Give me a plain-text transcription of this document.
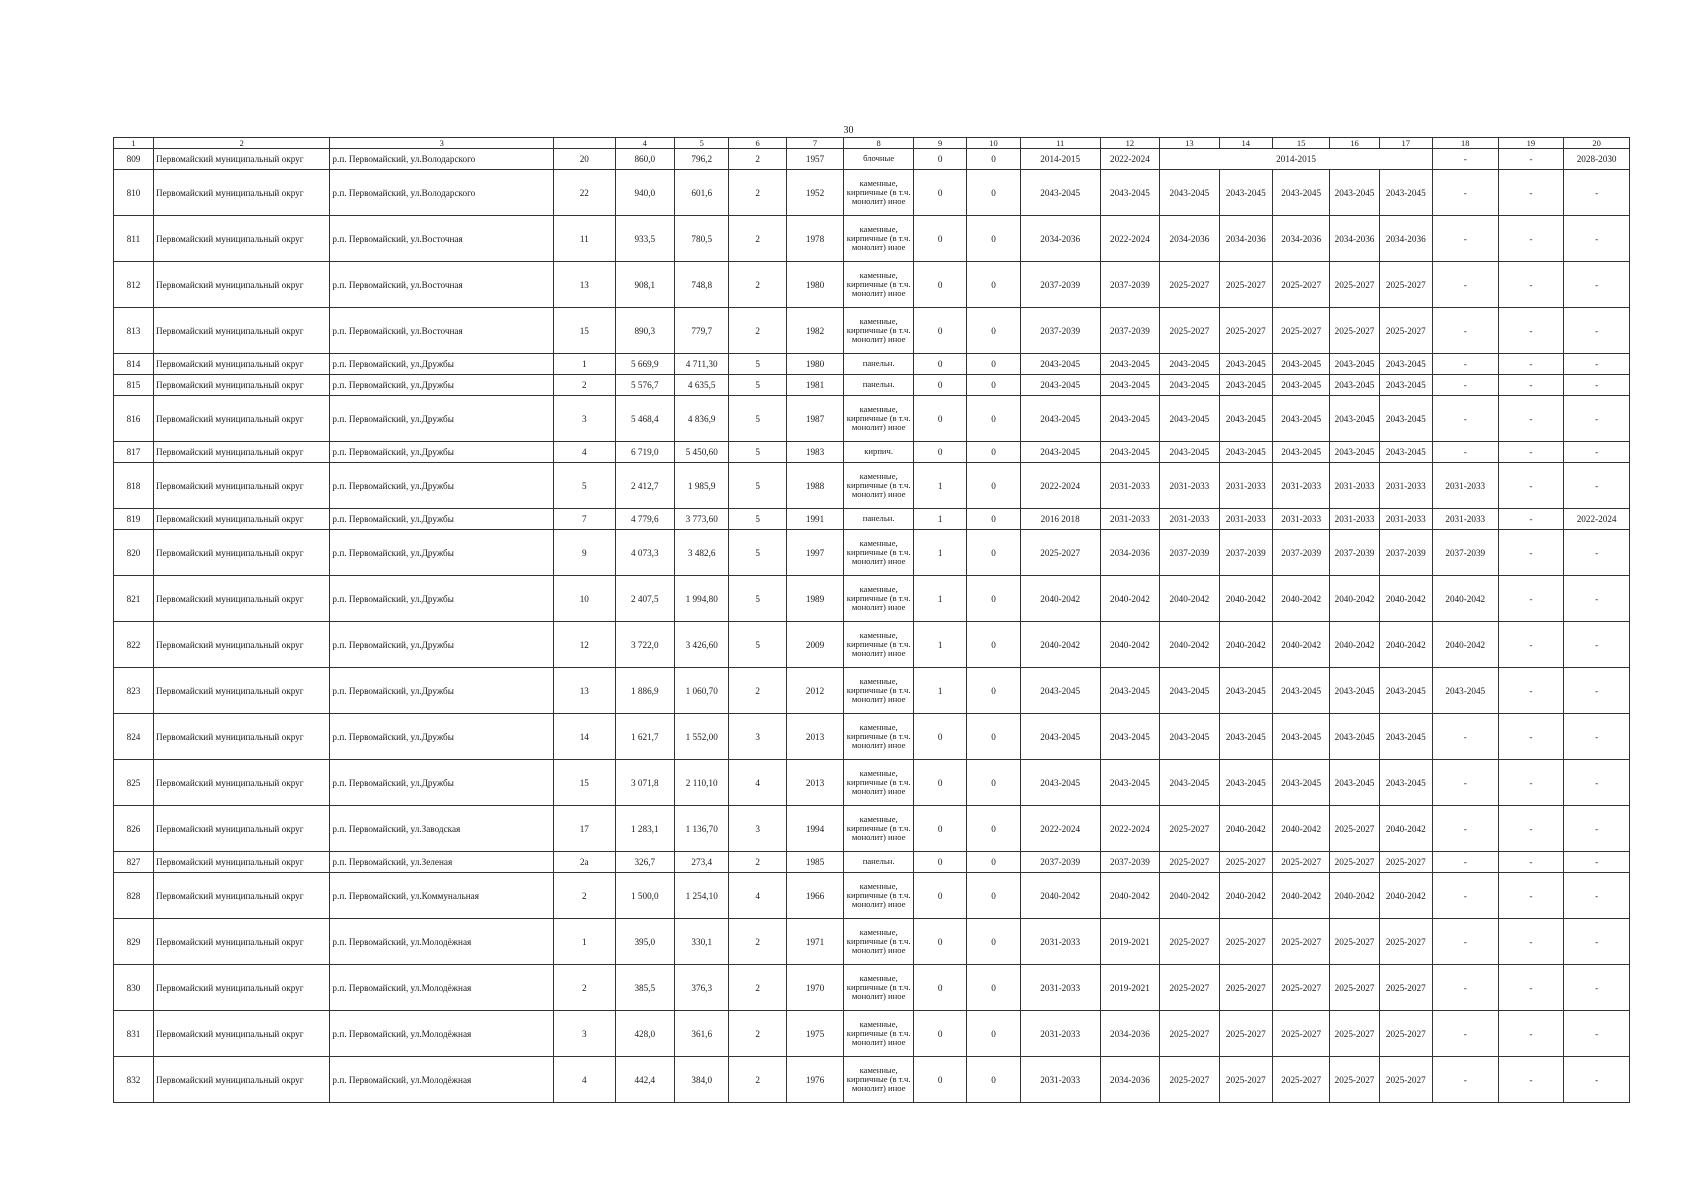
30
1	2	3		4	5	6	7	8	9	10	11	12	13	14	15	16	17	18	19	20
809	Первомайский муниципальный округ	р.п. Первомайский, ул.Володарского	20	860,0	796,2	2	1957	блочные	0	0	2014-2015	2022-2024	2014-2015					-	-	2028-2030
810	Первомайский муниципальный округ	р.п. Первомайский, ул.Володарского	22	940,0	601,6	2	1952	каменные, кирпичные (в т.ч. монолит) иное	0	0	2043-2045	2043-2045	2043-2045	2043-2045	2043-2045	2043-2045	2043-2045	-	-	-
811	Первомайский муниципальный округ	р.п. Первомайский, ул.Восточная	11	933,5	780,5	2	1978	каменные, кирпичные (в т.ч. монолит) иное	0	0	2034-2036	2022-2024	2034-2036	2034-2036	2034-2036	2034-2036	2034-2036	-	-	-
812	Первомайский муниципальный округ	р.п. Первомайский, ул.Восточная	13	908,1	748,8	2	1980	каменные, кирпичные (в т.ч. монолит) иное	0	0	2037-2039	2037-2039	2025-2027	2025-2027	2025-2027	2025-2027	2025-2027	-	-	-
813	Первомайский муниципальный округ	р.п. Первомайский, ул.Восточная	15	890,3	779,7	2	1982	каменные, кирпичные (в т.ч. монолит) иное	0	0	2037-2039	2037-2039	2025-2027	2025-2027	2025-2027	2025-2027	2025-2027	-	-	-
814	Первомайский муниципальный округ	р.п. Первомайский, ул.Дружбы	1	5 669,9	4 711,30	5	1980	панельн.	0	0	2043-2045	2043-2045	2043-2045	2043-2045	2043-2045	2043-2045	2043-2045	-	-	-
815	Первомайский муниципальный округ	р.п. Первомайский, ул.Дружбы	2	5 576,7	4 635,5	5	1981	панельн.	0	0	2043-2045	2043-2045	2043-2045	2043-2045	2043-2045	2043-2045	2043-2045	-	-	-
816	Первомайский муниципальный округ	р.п. Первомайский, ул.Дружбы	3	5 468,4	4 836,9	5	1987	каменные, кирпичные (в т.ч. монолит) иное	0	0	2043-2045	2043-2045	2043-2045	2043-2045	2043-2045	2043-2045	2043-2045	-	-	-
817	Первомайский муниципальный округ	р.п. Первомайский, ул.Дружбы	4	6 719,0	5 450,60	5	1983	кирпич.	0	0	2043-2045	2043-2045	2043-2045	2043-2045	2043-2045	2043-2045	2043-2045	-	-	-
818	Первомайский муниципальный округ	р.п. Первомайский, ул.Дружбы	5	2 412,7	1 985,9	5	1988	каменные, кирпичные (в т.ч. монолит) иное	1	0	2022-2024	2031-2033	2031-2033	2031-2033	2031-2033	2031-2033	2031-2033	2031-2033	-	-
819	Первомайский муниципальный округ	р.п. Первомайский, ул.Дружбы	7	4 779,6	3 773,60	5	1991	панельн.	1	0	2016 2018	2031-2033	2031-2033	2031-2033	2031-2033	2031-2033	2031-2033	2031-2033	-	2022-2024
820	Первомайский муниципальный округ	р.п. Первомайский, ул.Дружбы	9	4 073,3	3 482,6	5	1997	каменные, кирпичные (в т.ч. монолит) иное	1	0	2025-2027	2034-2036	2037-2039	2037-2039	2037-2039	2037-2039	2037-2039	2037-2039	-	-
821	Первомайский муниципальный округ	р.п. Первомайский, ул.Дружбы	10	2 407,5	1 994,80	5	1989	каменные, кирпичные (в т.ч. монолит) иное	1	0	2040-2042	2040-2042	2040-2042	2040-2042	2040-2042	2040-2042	2040-2042	2040-2042	-	-
822	Первомайский муниципальный округ	р.п. Первомайский, ул.Дружбы	12	3 722,0	3 426,60	5	2009	каменные, кирпичные (в т.ч. монолит) иное	1	0	2040-2042	2040-2042	2040-2042	2040-2042	2040-2042	2040-2042	2040-2042	2040-2042	-	-
823	Первомайский муниципальный округ	р.п. Первомайский, ул.Дружбы	13	1 886,9	1 060,70	2	2012	каменные, кирпичные (в т.ч. монолит) иное	1	0	2043-2045	2043-2045	2043-2045	2043-2045	2043-2045	2043-2045	2043-2045	2043-2045	-	-
824	Первомайский муниципальный округ	р.п. Первомайский, ул.Дружбы	14	1 621,7	1 552,00	3	2013	каменные, кирпичные (в т.ч. монолит) иное	0	0	2043-2045	2043-2045	2043-2045	2043-2045	2043-2045	2043-2045	2043-2045	-	-	-
825	Первомайский муниципальный округ	р.п. Первомайский, ул.Дружбы	15	3 071,8	2 110,10	4	2013	каменные, кирпичные (в т.ч. монолит) иное	0	0	2043-2045	2043-2045	2043-2045	2043-2045	2043-2045	2043-2045	2043-2045	-	-	-
826	Первомайский муниципальный округ	р.п. Первомайский, ул.Заводская	17	1 283,1	1 136,70	3	1994	каменные, кирпичные (в т.ч. монолит) иное	0	0	2022-2024	2022-2024	2025-2027	2040-2042	2040-2042	2025-2027	2040-2042	-	-	-
827	Первомайский муниципальный округ	р.п. Первомайский, ул.Зеленая	2а	326,7	273,4	2	1985	панельн.	0	0	2037-2039	2037-2039	2025-2027	2025-2027	2025-2027	2025-2027	2025-2027	-	-	-
828	Первомайский муниципальный округ	р.п. Первомайский, ул.Коммунальная	2	1 500,0	1 254,10	4	1966	каменные, кирпичные (в т.ч. монолит) иное	0	0	2040-2042	2040-2042	2040-2042	2040-2042	2040-2042	2040-2042	2040-2042	-	-	-
829	Первомайский муниципальный округ	р.п. Первомайский, ул.Молодёжная	1	395,0	330,1	2	1971	каменные, кирпичные (в т.ч. монолит) иное	0	0	2031-2033	2019-2021	2025-2027	2025-2027	2025-2027	2025-2027	2025-2027	-	-	-
830	Первомайский муниципальный округ	р.п. Первомайский, ул.Молодёжная	2	385,5	376,3	2	1970	каменные, кирпичные (в т.ч. монолит) иное	0	0	2031-2033	2019-2021	2025-2027	2025-2027	2025-2027	2025-2027	2025-2027	-	-	-
831	Первомайский муниципальный округ	р.п. Первомайский, ул.Молодёжная	3	428,0	361,6	2	1975	каменные, кирпичные (в т.ч. монолит) иное	0	0	2031-2033	2034-2036	2025-2027	2025-2027	2025-2027	2025-2027	2025-2027	-	-	-
832	Первомайский муниципальный округ	р.п. Первомайский, ул.Молодёжная	4	442,4	384,0	2	1976	каменные, кирпичные (в т.ч. монолит) иное	0	0	2031-2033	2034-2036	2025-2027	2025-2027	2025-2027	2025-2027	2025-2027	-	-	-
